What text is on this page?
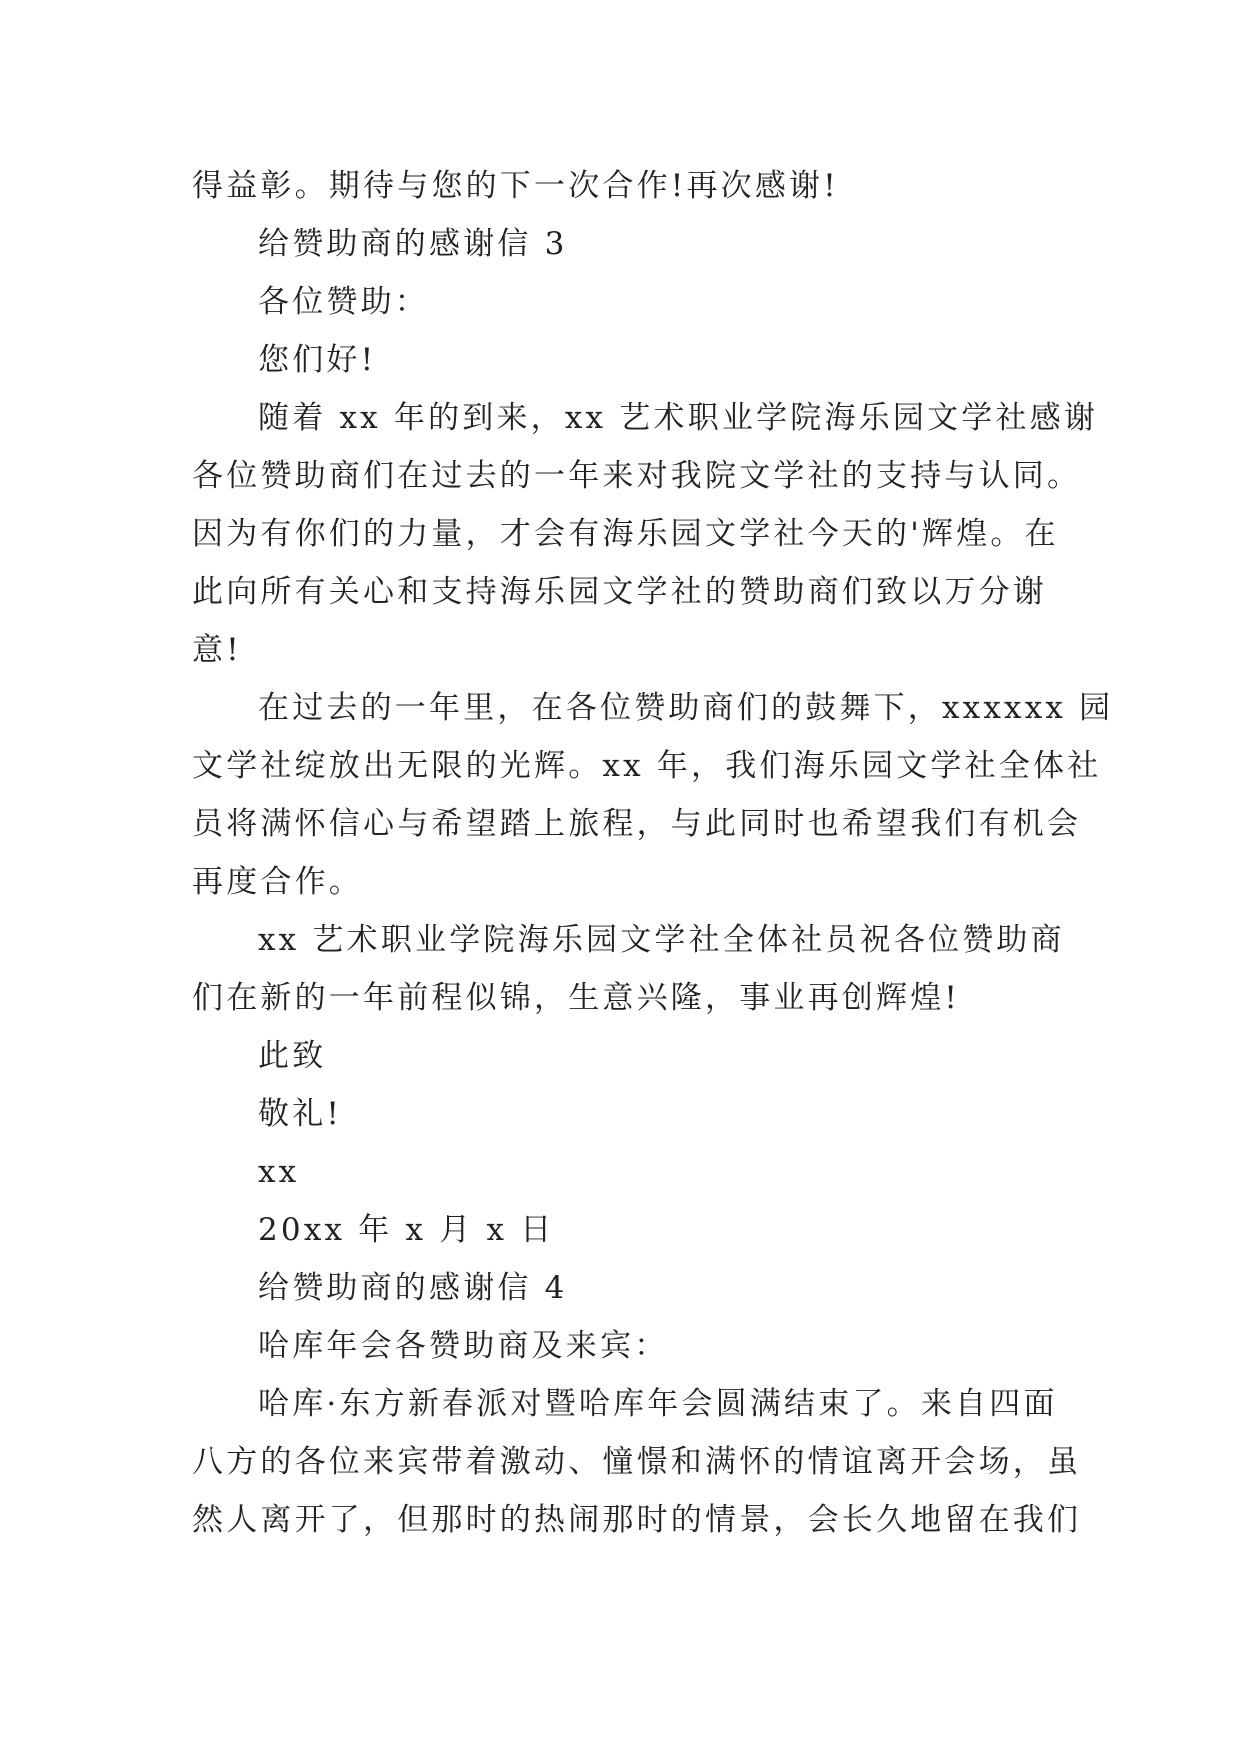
得益彰。期待与您的下一次合作!再次感谢!
给赞助商的感谢信 3
各位赞助：
您们好!
随着 xx 年的到来，xx 艺术职业学院海乐园文学社感谢
各位赞助商们在过去的一年来对我院文学社的支持与认同。
因为有你们的力量，才会有海乐园文学社今天的'辉煌。在
此向所有关心和支持海乐园文学社的赞助商们致以万分谢
意!
在过去的一年里，在各位赞助商们的鼓舞下，xxxxxx 园
文学社绽放出无限的光辉。xx 年，我们海乐园文学社全体社
员将满怀信心与希望踏上旅程，与此同时也希望我们有机会
再度合作。
xx 艺术职业学院海乐园文学社全体社员祝各位赞助商
们在新的一年前程似锦，生意兴隆，事业再创辉煌!
此致
敬礼!
xx
20xx 年 x 月 x 日
给赞助商的感谢信 4
哈库年会各赞助商及来宾：
哈库·东方新春派对暨哈库年会圆满结束了。来自四面
八方的各位来宾带着激动、憧憬和满怀的情谊离开会场，虽
然人离开了，但那时的热闹那时的情景，会长久地留在我们
